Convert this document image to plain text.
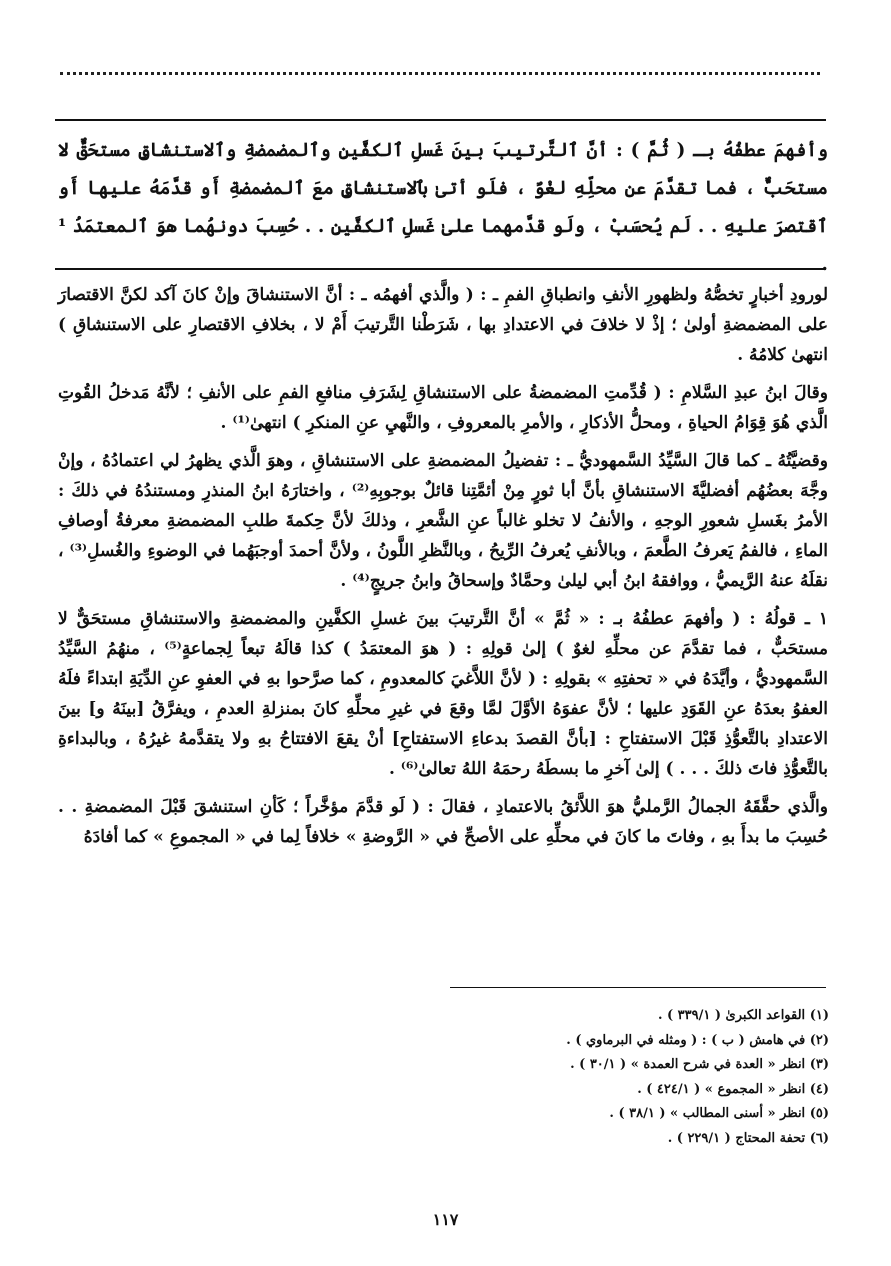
وأفهمَ عطفُهُ بـ ( ثُمَّ ) : أنَّ ٱلتَّرتيبَ بينَ غَسلِ ٱلكفَّينِ وٱلمضمضةِ وٱلاستنشاقِ مستحَقٌّ لا مستحَبٌّ ، فما تقدَّمَ عن محلِّهِ لغْوٌ ، فلَو أتىٰ بٱلاستنشاقِ معَ ٱلمضمضةِ أَو قدَّمَهُ عليها أَو ٱقتصرَ عليهِ . . لَم يُحسَبْ ، ولَو قدَّمهما علىٰ غَسلِ ٱلكفَّينِ . . حُسِبَ دونهُما هوَ ٱلمعتمَدُ ¹ .

لورودِ أخبارٍ تخصُّهُ ولظهورِ الأنفِ وانطباقِ الفمِ ـ : ( والَّذي أفهمُه ـ : أنَّ الاستنشاقَ وإنْ كانَ آكد لكنَّ الاقتصارَ على المضمضةِ أولىٰ ؛ إذْ لا خلافَ في الاعتدادِ بها ، شَرَطْنا التَّرتيبَ أَمْ لا ، بخلافِ الاقتصارِ على الاستنشاقِ ) انتهىٰ كلامُهُ .

وقالَ ابنُ عبدِ السَّلامِ : ( قُدِّمتِ المضمضةُ على الاستنشاقِ لِشَرَفِ منافعِ الفمِ على الأنفِ ؛ لأنَّهُ مَدخلُ القُوتِ الَّذي هُوَ قِوَامُ الحياةِ ، ومحلُّ الأذكارِ ، والأمرِ بالمعروفِ ، والنَّهيِ عنِ المنكرِ ) انتهىٰ⁽¹⁾ .

وقضيَّتُهُ ـ كما قالَ السَّيِّدُ السَّمهوديُّ ـ : تفضيلُ المضمضةِ على الاستنشاقِ ، وهوَ الَّذي يظهرُ لي اعتمادُهُ ، وإنْ وجَّهَ بعضُهُم أفضليَّةَ الاستنشاقِ بأنَّ أبا ثورٍ مِنْ أئمَّتِنا قائلٌ بوجوبِهِ⁽²⁾ ، واختارَهُ ابنُ المنذرِ ومستندُهُ في ذلكَ : الأمرُ بغَسلِ شعورِ الوجهِ ، والأنفُ لا تخلو غالباً عنِ الشَّعرِ ، وذلكَ لأنَّ حِكمةَ طلبِ المضمضةِ معرفةُ أوصافِ الماءِ ، فالفمُ يَعرفُ الطَّعمَ ، وبالأنفِ يُعرفُ الرِّيحُ ، وبالنَّظرِ اللَّونُ ، ولأنَّ أحمدَ أوجبَهُما في الوضوءِ والغُسلِ⁽³⁾ ، نقلَهُ عنهُ الرَّيميُّ ، ووافقهُ ابنُ أبي ليلىٰ وحمَّادٌ وإسحاقُ وابنُ جريجٍ⁽⁴⁾ .

١ ـ قولُهُ : ( وأفهمَ عطفُهُ بـ : « ثُمَّ » أنَّ التَّرتيبَ بينَ غسلِ الكفَّينِ والمضمضةِ والاستنشاقِ مستحَقٌّ لا مستحَبٌّ ، فما تقدَّمَ عن محلِّهِ لغوٌ ) إلىٰ قولِهِ : ( هوَ المعتمَدُ ) كذا قالَهُ تبعاً لِجماعةٍ⁽⁵⁾ ، منهُمُ السَّيِّدُ السَّمهوديُّ ، وأيَّدَهُ في « تحفتِهِ » بقولِهِ : ( لأنَّ اللاَّغيَ كالمعدومِ ، كما صرَّحوا بهِ في العفوِ عنِ الدِّيَةِ ابتداءً فلَهُ العفوُ بعدَهُ عنِ القَوَدِ عليها ؛ لأنَّ عفوَهُ الأوَّلَ لمَّا وقعَ في غيرِ محلِّهِ كانَ بمنزلةِ العدمِ ، ويفرَّقُ [بينَهُ و] بينَ الاعتدادِ بالتَّعوُّذِ قَبْلَ الاستفتاحِ : [بأنَّ القصدَ بدعاءِ الاستفتاحِ] أنْ يقعَ الافتتاحُ بهِ ولا يتقدَّمهُ غيرُهُ ، وبالبداءةِ بالتَّعوُّذِ فاتَ ذلكَ . . . ) إلىٰ آخرِ ما بسطَهُ رحمَهُ اللهُ تعالىٰ⁽⁶⁾ .

والَّذي حقَّقَهُ الجمالُ الرَّمليُّ هوَ اللاَّئقُ بالاعتمادِ ، فقالَ : ( لَو قدَّمَ مؤخَّراً ؛ كَأنِ استنشقَ قَبْلَ المضمضةِ . . حُسِبَ ما بدأَ بهِ ، وفاتَ ما كانَ في محلِّهِ على الأصحِّ في « الرَّوضةِ » خلافاً لِما في « المجموعِ » كما أفادَهُ

(١) القواعد الكبرىٰ ( ٣٣٩/١ ) .
(٢) في هامش ( ب ) : ( ومثله في البرماوي ) .
(٣) انظر « العدة في شرح العمدة » ( ٣٠/١ ) .
(٤) انظر « المجموع » ( ٤٢٤/١ ) .
(٥) انظر « أسنى المطالب » ( ٣٨/١ ) .
(٦) تحفة المحتاج ( ٢٢٩/١ ) .
١١٧
